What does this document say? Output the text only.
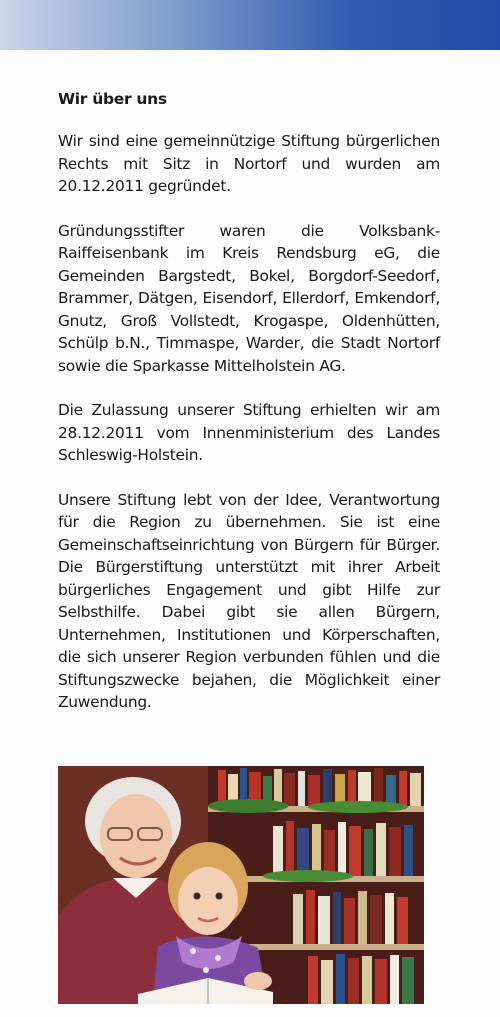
Wir über uns

Wir sind eine gemeinnützige Stiftung bürgerlichen Rechts mit Sitz in Nortorf und wurden am 20.12.2011 gegründet.

Gründungsstifter waren die Volksbank-Raiffeisenbank im Kreis Rendsburg eG, die Gemeinden Bargstedt, Bokel, Borgdorf-Seedorf, Brammer, Dätgen, Eisendorf, Ellerdorf, Emkendorf, Gnutz, Groß Vollstedt, Krogaspe, Oldenhütten, Schülp b.N., Timmaspe, Warder, die Stadt Nortorf sowie die Sparkasse Mittelholstein AG.

Die Zulassung unserer Stiftung erhielten wir am 28.12.2011 vom Innenministerium des Landes Schleswig-Holstein.

Unsere Stiftung lebt von der Idee, Verantwortung für die Region zu übernehmen. Sie ist eine Gemeinschaftseinrichtung von Bürgern für Bürger. Die Bürgerstiftung unterstützt mit ihrer Arbeit bürgerliches Engagement und gibt Hilfe zur Selbsthilfe. Dabei gibt sie allen Bürgern, Unternehmen, Institutionen und Körperschaften, die sich unserer Region verbunden fühlen und die Stiftungszwecke bejahen, die Möglichkeit einer Zuwendung.
